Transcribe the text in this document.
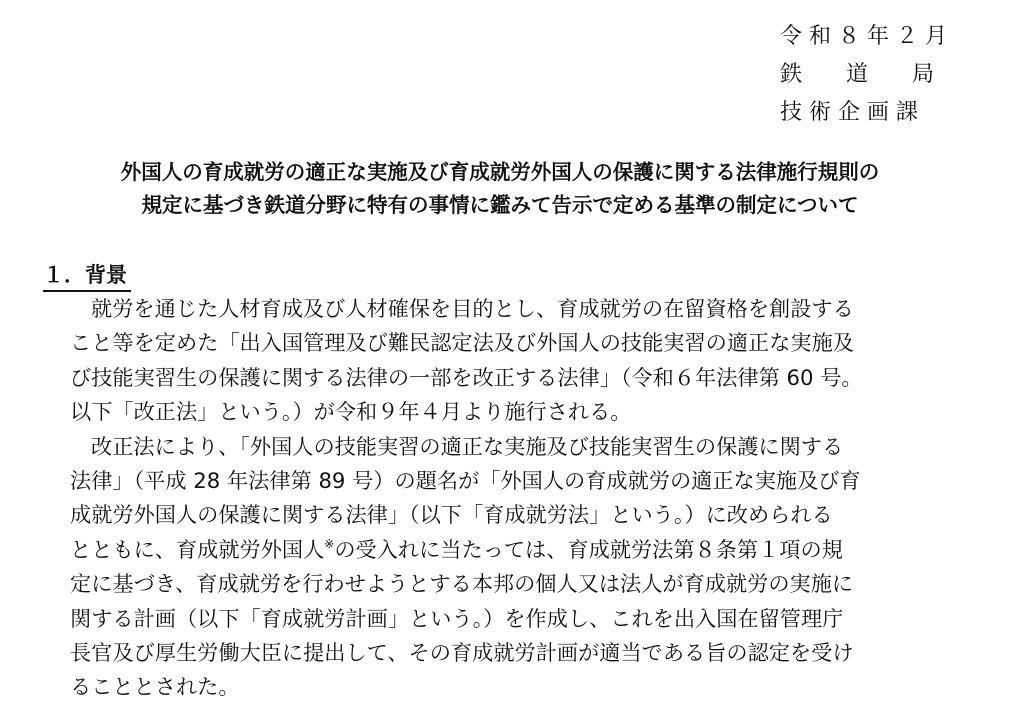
令 和 ８ 年 ２ 月
鉄　　道　　局
技 術 企 画 課
外国人の育成就労の適正な実施及び育成就労外国人の保護に関する法律施行規則の
規定に基づき鉄道分野に特有の事情に鑑みて告示で定める基準の制定について
１．背景
就労を通じた人材育成及び人材確保を目的とし、育成就労の在留資格を創設する
こと等を定めた「出入国管理及び難民認定法及び外国人の技能実習の適正な実施及
び技能実習生の保護に関する法律の一部を改正する法律」（令和６年法律第 60 号。
以下「改正法」という。）が令和９年４月より施行される。
改正法により、「外国人の技能実習の適正な実施及び技能実習生の保護に関する
法律」（平成 28 年法律第 89 号）の題名が「外国人の育成就労の適正な実施及び育
成就労外国人の保護に関する法律」（以下「育成就労法」という。）に改められる
とともに、育成就労外国人※の受入れに当たっては、育成就労法第８条第１項の規
定に基づき、育成就労を行わせようとする本邦の個人又は法人が育成就労の実施に
関する計画（以下「育成就労計画」という。）を作成し、これを出入国在留管理庁
長官及び厚生労働大臣に提出して、その育成就労計画が適当である旨の認定を受け
ることとされた。
